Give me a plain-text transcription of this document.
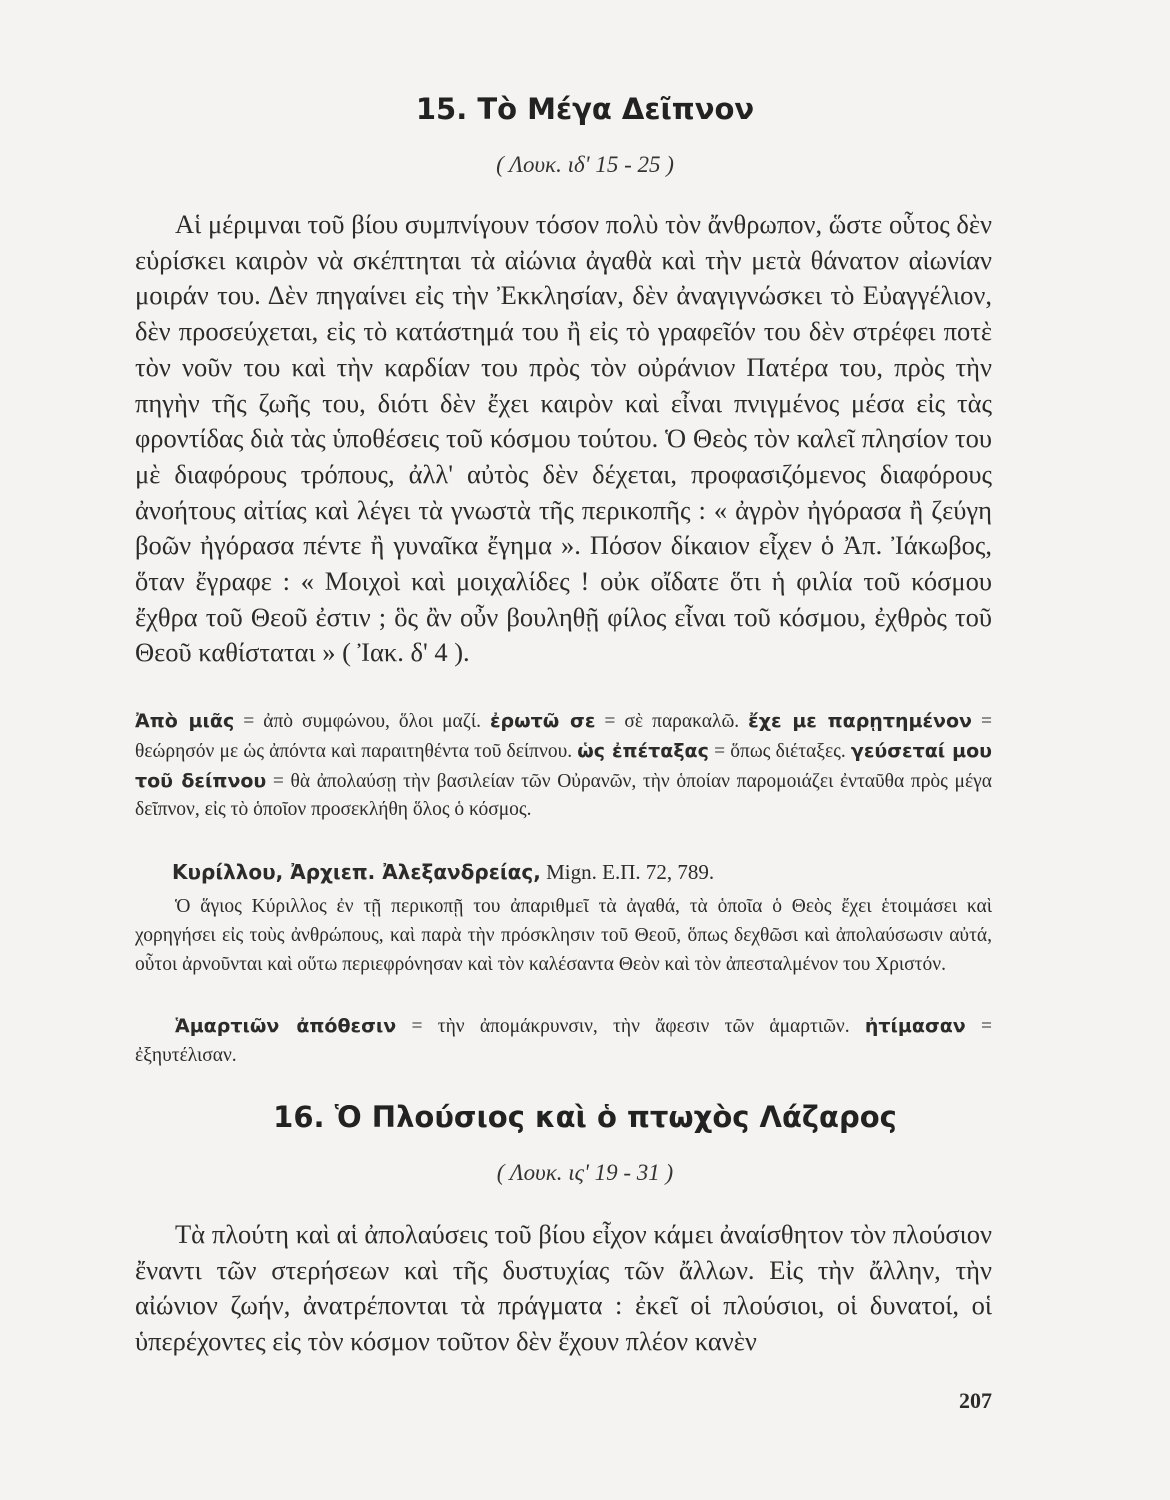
15. Τὸ Μέγα Δεῖπνον
( Λουκ. ιδ' 15 - 25 )

Αἱ μέριμναι τοῦ βίου συμπνίγουν τόσον πολὺ τὸν ἄνθρωπον, ὥστε οὗτος δὲν εὑρίσκει καιρὸν νὰ σκέπτηται τὰ αἰώνια ἀγαθὰ καὶ τὴν μετὰ θάνατον αἰωνίαν μοιράν του. Δὲν πηγαίνει εἰς τὴν Ἐκκλησίαν, δὲν ἀναγιγνώσκει τὸ Εὐαγγέλιον, δὲν προσεύχεται, εἰς τὸ κατάστημά του ἢ εἰς τὸ γραφεῖόν του δὲν στρέφει ποτὲ τὸν νοῦν του καὶ τὴν καρδίαν του πρὸς τὸν οὐράνιον Πατέρα του, πρὸς τὴν πηγὴν τῆς ζωῆς του, διότι δὲν ἔχει καιρὸν καὶ εἶναι πνιγμένος μέσα εἰς τὰς φροντίδας διὰ τὰς ὑποθέσεις τοῦ κόσμου τούτου. Ὁ Θεὸς τὸν καλεῖ πλησίον του μὲ διαφόρους τρόπους, ἀλλ' αὐτὸς δὲν δέχεται, προφασιζόμενος διαφόρους ἀνοήτους αἰτίας καὶ λέγει τὰ γνωστὰ τῆς περικοπῆς : « ἀγρὸν ἠγόρασα ἢ ζεύγη βοῶν ἠγόρασα πέντε ἢ γυναῖκα ἔγημα ». Πόσον δίκαιον εἶχεν ὁ Ἀπ. Ἰάκωβος, ὅταν ἔγραφε : « Μοιχοὶ καὶ μοιχαλίδες ! οὐκ οἴδατε ὅτι ἡ φιλία τοῦ κόσμου ἔχθρα τοῦ Θεοῦ ἐστιν ; ὃς ἂν οὖν βουληθῇ φίλος εἶναι τοῦ κόσμου, ἐχθρὸς τοῦ Θεοῦ καθίσταται » ( Ἰακ. δ' 4 ).

Ἀπὸ μιᾶς = ἀπὸ συμφώνου, ὅλοι μαζί. ἐρωτῶ σε = σὲ παρακαλῶ. ἔχε με παρῃτημένον = θεώρησόν με ὡς ἀπόντα καὶ παραιτηθέντα τοῦ δείπνου. ὡς ἐπέταξας = ὅπως διέταξες. γεύσεταί μου τοῦ δείπνου = θὰ ἀπολαύσῃ τὴν βασιλείαν τῶν Οὐρανῶν, τὴν ὁποίαν παρομοιάζει ἐνταῦθα πρὸς μέγα δεῖπνον, εἰς τὸ ὁποῖον προσεκλήθη ὅλος ὁ κόσμος.

Κυρίλλου, Ἀρχιεπ. Ἀλεξανδρείας, Mign. Ε.Π. 72, 789.

Ὁ ἅγιος Κύριλλος ἐν τῇ περικοπῇ του ἀπαριθμεῖ τὰ ἀγαθά, τὰ ὁποῖα ὁ Θεὸς ἔχει ἑτοιμάσει καὶ χορηγήσει εἰς τοὺς ἀνθρώπους, καὶ παρὰ τὴν πρόσκλησιν τοῦ Θεοῦ, ὅπως δεχθῶσι καὶ ἀπολαύσωσιν αὐτά, οὗτοι ἀρνοῦνται καὶ οὕτω περιεφρόνησαν καὶ τὸν καλέσαντα Θεὸν καὶ τὸν ἀπεσταλμένον του Χριστόν.

Ἁμαρτιῶν ἀπόθεσιν = τὴν ἀπομάκρυνσιν, τὴν ἄφεσιν τῶν ἁμαρτιῶν. ἠτίμασαν = ἐξηυτέλισαν.

16. Ὁ Πλούσιος καὶ ὁ πτωχὸς Λάζαρος
( Λουκ. ις' 19 - 31 )

Τὰ πλούτη καὶ αἱ ἀπολαύσεις τοῦ βίου εἶχον κάμει ἀναίσθητον τὸν πλούσιον ἔναντι τῶν στερήσεων καὶ τῆς δυστυχίας τῶν ἄλλων. Εἰς τὴν ἄλλην, τὴν αἰώνιον ζωήν, ἀνατρέπονται τὰ πράγματα : ἐκεῖ οἱ πλούσιοι, οἱ δυνατοί, οἱ ὑπερέχοντες εἰς τὸν κόσμον τοῦτον δὲν ἔχουν πλέον κανὲν

207
